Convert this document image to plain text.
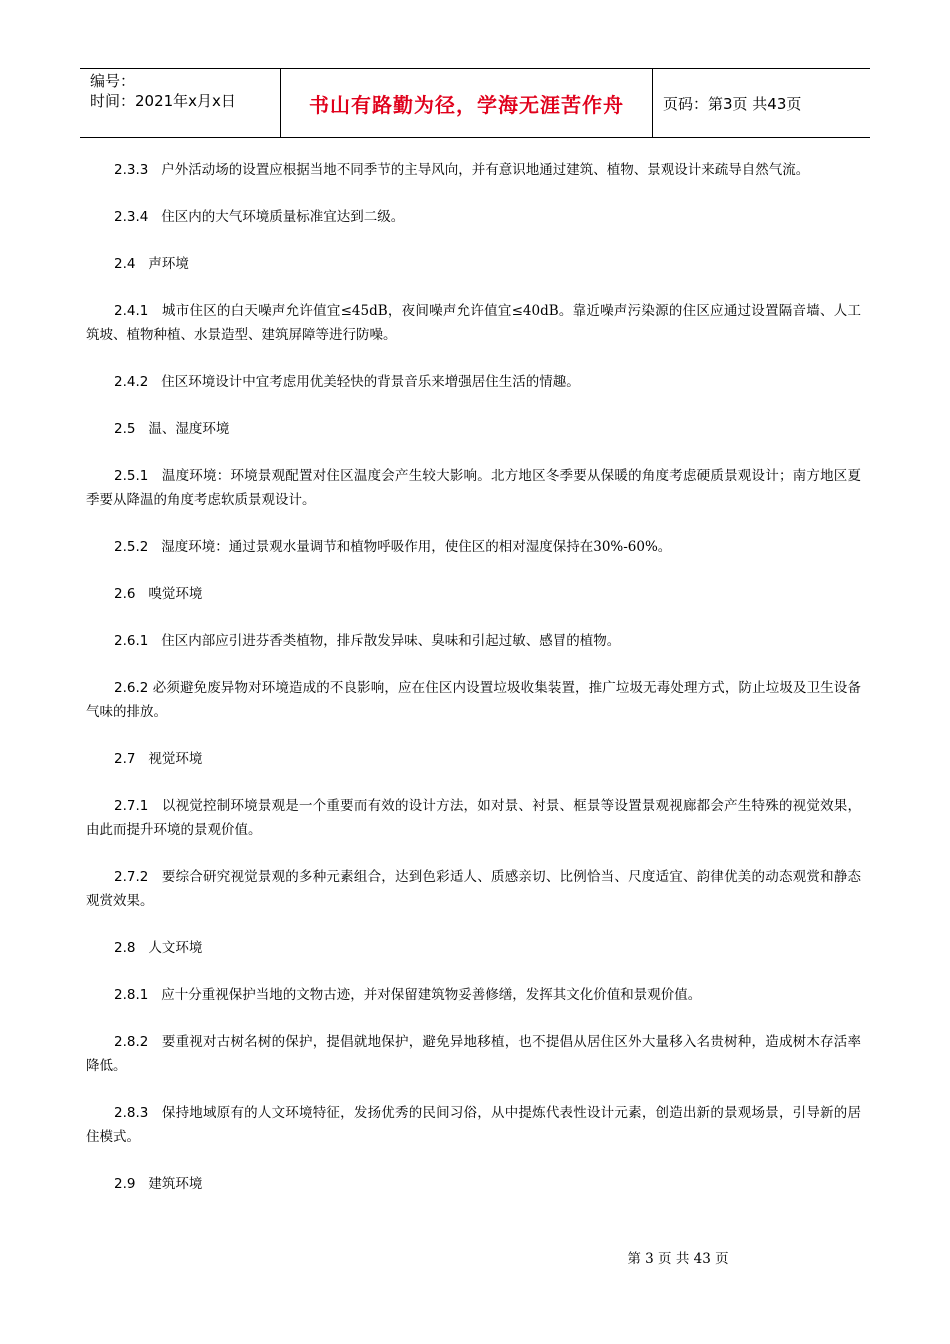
编号：
时间：2021年x月x日	书山有路勤为径，学海无涯苦作舟	页码：第3页 共43页

2.3.3 户外活动场的设置应根据当地不同季节的主导风向，并有意识地通过建筑、植物、景观设计来疏导自然气流。

2.3.4 住区内的大气环境质量标准宜达到二级。

2.4 声环境

2.4.1 城市住区的白天噪声允许值宜≤45dB，夜间噪声允许值宜≤40dB。靠近噪声污染源的住区应通过设置隔音墙、人工筑坡、植物种植、水景造型、建筑屏障等进行防噪。

2.4.2 住区环境设计中宜考虑用优美轻快的背景音乐来增强居住生活的情趣。

2.5 温、湿度环境

2.5.1 温度环境：环境景观配置对住区温度会产生较大影响。北方地区冬季要从保暖的角度考虑硬质景观设计；南方地区夏季要从降温的角度考虑软质景观设计。

2.5.2 湿度环境：通过景观水量调节和植物呼吸作用，使住区的相对湿度保持在30%-60%。

2.6 嗅觉环境

2.6.1 住区内部应引进芬香类植物，排斥散发异味、臭味和引起过敏、感冒的植物。

2.6.2 必须避免废异物对环境造成的不良影响，应在住区内设置垃圾收集装置，推广垃圾无毒处理方式，防止垃圾及卫生设备气味的排放。

2.7 视觉环境

2.7.1 以视觉控制环境景观是一个重要而有效的设计方法，如对景、衬景、框景等设置景观视廊都会产生特殊的视觉效果，由此而提升环境的景观价值。

2.7.2 要综合研究视觉景观的多种元素组合，达到色彩适人、质感亲切、比例恰当、尺度适宜、韵律优美的动态观赏和静态观赏效果。

2.8 人文环境

2.8.1 应十分重视保护当地的文物古迹，并对保留建筑物妥善修缮，发挥其文化价值和景观价值。

2.8.2 要重视对古树名树的保护，提倡就地保护，避免异地移植，也不提倡从居住区外大量移入名贵树种，造成树木存活率降低。

2.8.3 保持地域原有的人文环境特征，发扬优秀的民间习俗，从中提炼代表性设计元素，创造出新的景观场景，引导新的居住模式。

2.9 建筑环境

第 3 页 共 43 页
